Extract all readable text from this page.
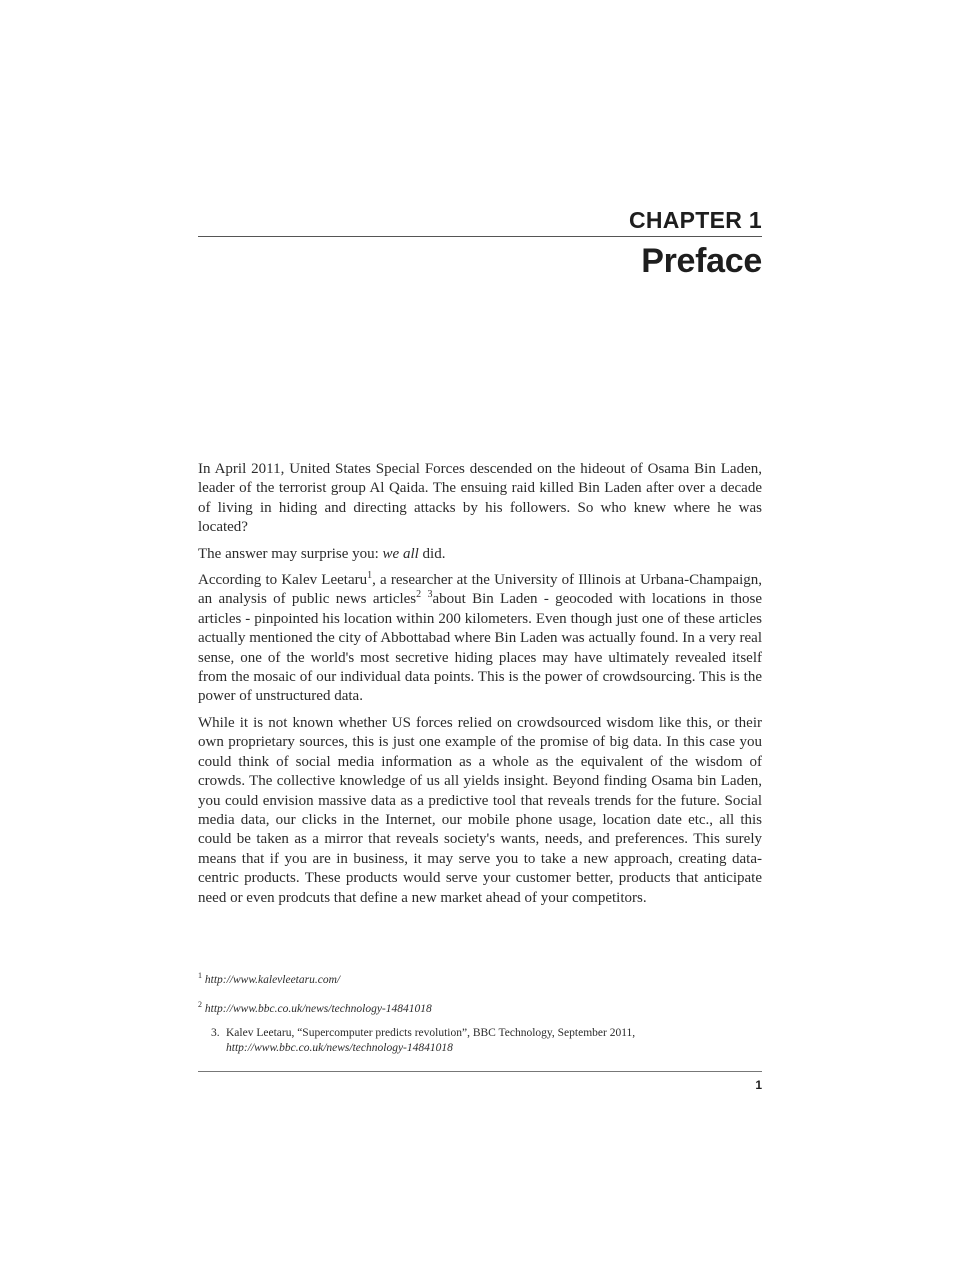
CHAPTER 1
Preface

In April 2011, United States Special Forces descended on the hideout of Osama Bin Laden, leader of the terrorist group Al Qaida. The ensuing raid killed Bin Laden after over a decade of living in hiding and directing attacks by his followers. So who knew where he was located?

The answer may surprise you: we all did.

According to Kalev Leetaru$^1$, a researcher at the University of Illinois at Urbana-Champaign, an analysis of public news articles$^2$ $^3$about Bin Laden - geocoded with locations in those articles - pinpointed his location within 200 kilometers. Even though just one of these articles actually mentioned the city of Abbottabad where Bin Laden was actually found. In a very real sense, one of the world's most secretive hiding places may have ultimately revealed itself from the mosaic of our individual data points. This is the power of crowdsourcing. This is the power of unstructured data.

While it is not known whether US forces relied on crowdsourced wisdom like this, or their own proprietary sources, this is just one example of the promise of big data. In this case you could think of social media information as a whole as the equivalent of the wisdom of crowds. The collective knowledge of us all yields insight. Beyond finding Osama bin Laden, you could envision massive data as a predictive tool that reveals trends for the future. Social media data, our clicks in the Internet, our mobile phone usage, location date etc., all this could be taken as a mirror that reveals society's wants, needs, and preferences. This surely means that if you are in business, it may serve you to take a new approach, creating data-centric products. These products would serve your customer better, products that anticipate need or even prodcuts that define a new market ahead of your competitors.

$^1$ http://www.kalevleetaru.com/
$^2$ http://www.bbc.co.uk/news/technology-14841018
3. Kalev Leetaru, “Supercomputer predicts revolution”, BBC Technology, September 2011, http://www.bbc.co.uk/news/technology-14841018
1
